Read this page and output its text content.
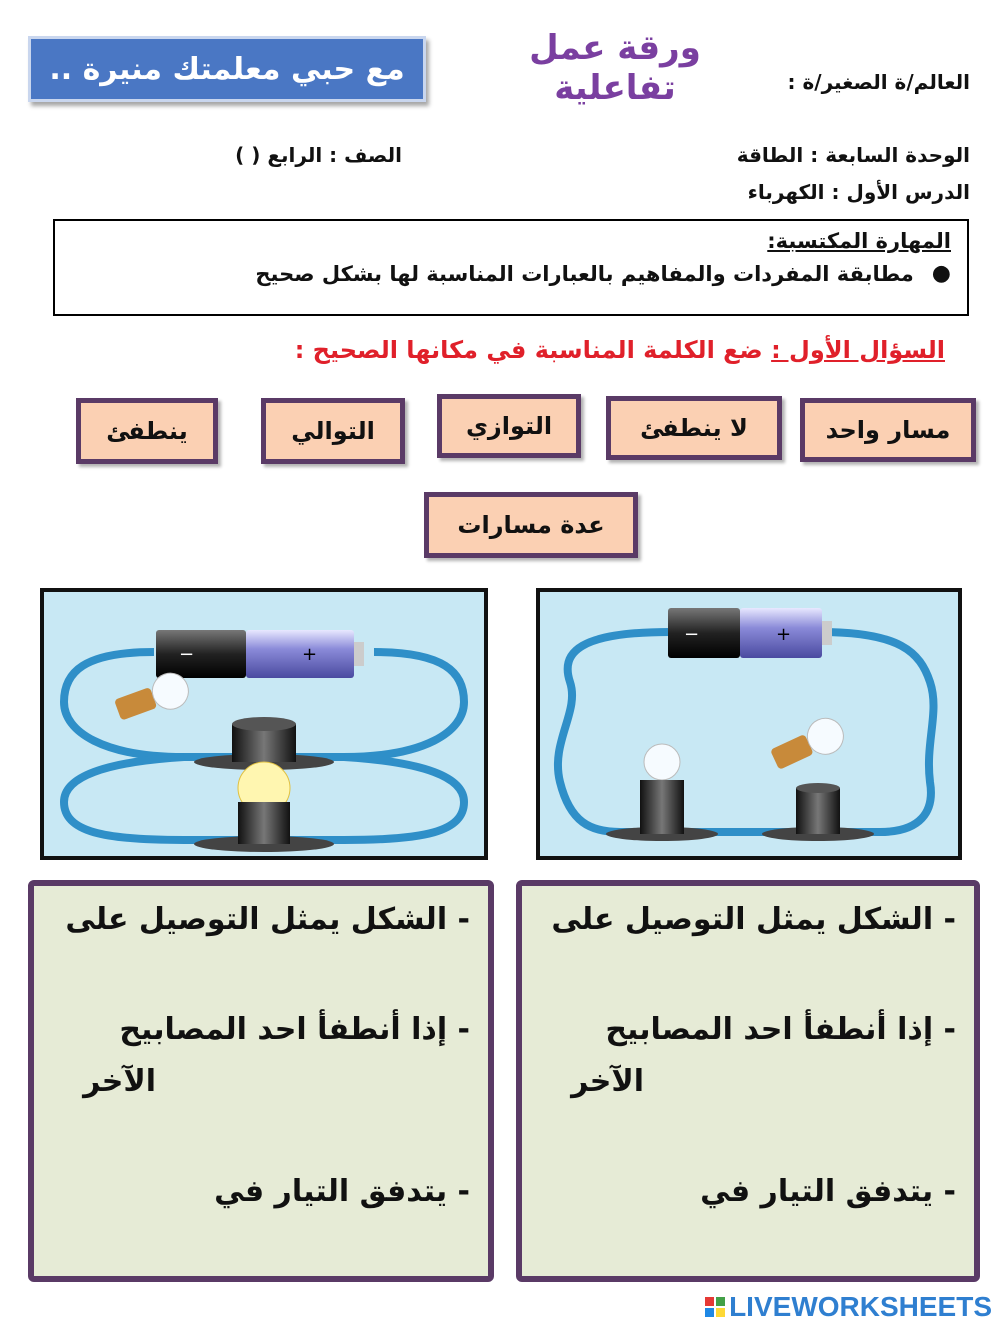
مع حبي معلمتك منيرة ..
ورقة عمل تفاعلية	العالم/ة الصغير/ة :
الوحدة السابعة : الطاقة
الدرس الأول : الكهرباء
الصف : الرابع ( )
المهارة المكتسبة:
●
مطابقة المفردات والمفاهيم بالعبارات المناسبة لها بشكل صحيح
السؤال الأول : ضع الكلمة المناسبة في مكانها الصحيح :
مسار واحد
لا ينطفئ
التوازي
التوالي
ينطفئ
عدة مسارات
−	+
−	+
- الشكل يمثل التوصيل على
- إذا أنطفأ احد المصابيح
الآخر
- يتدفق التيار في
- الشكل يمثل التوصيل على
- إذا أنطفأ احد المصابيح
الآخر
- يتدفق التيار في
LIVEWORKSHEETS
